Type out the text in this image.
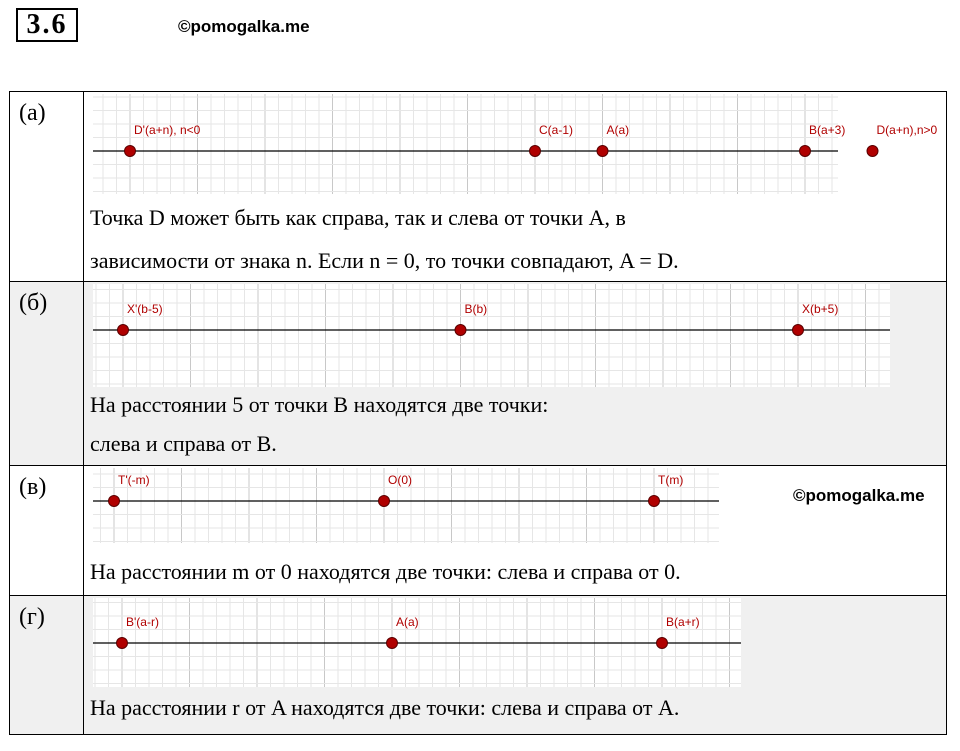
3.6	©pomogalka.me
(а)
D'(a+n), n<0	C(a-1)	A(a)	B(a+3)	D(a+n),n>0
Точка D может быть как справа, так и слева от точки A, в
зависимости от знака n. Если n = 0, то точки совпадают, A = D.
(б)	X'(b-5)	B(b)	X(b+5)
На расстоянии 5 от точки B находятся две точки:
слева и справа от B.
(в)	T'(-m)	O(0)	T(m)
На расстоянии m от 0 находятся две точки: слева и справа от 0.
(г)	B'(a-r)	A(a)	B(a+r)
На расстоянии r от A находятся две точки: слева и справа от A.
©pomogalka.me
